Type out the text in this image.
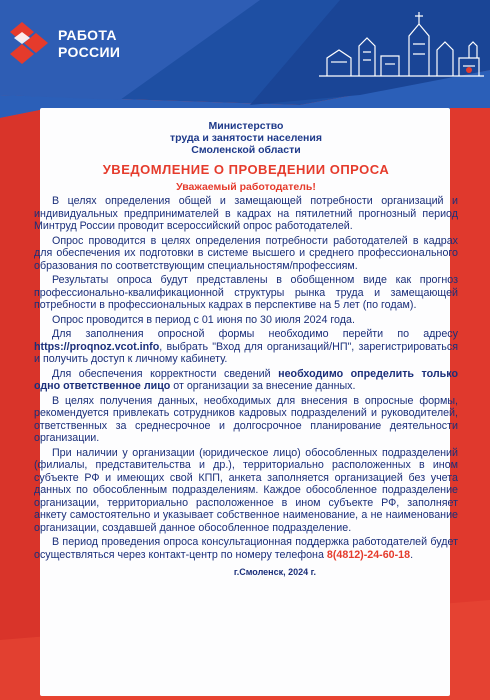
РАБОТА
РОССИИ

Министерство

труда и занятости населения

Смоленской области

УВЕДОМЛЕНИЕ О ПРОВЕДЕНИИ ОПРОСА
Уважаемый работодатель!

В целях определения общей и замещающей потребности организаций и индивидуальных предпринимателей в кадрах на пятилетний прогнозный период Минтруд России проводит всероссийский опрос работодателей.

Опрос проводится в целях определения потребности работодателей в кадрах для обеспечения их подготовки в системе высшего и среднего профессионального образования по соответствующим специальностям/профессиям.

Результаты опроса будут представлены в обобщенном виде как прогноз профессионально-квалификационной структуры рынка труда и замещающей потребности в профессиональных кадрах в перспективе на 5 лет (по годам).

Опрос проводится в период с 01 июня по 30 июля 2024 года.

Для заполнения опросной формы необходимо перейти по адресу https://proqnoz.vcot.info, выбрать "Вход для организаций/НП", зарегистрироваться и получить доступ к личному кабинету.

Для обеспечения корректности сведений необходимо определить только одно ответственное лицо от организации за внесение данных.

В целях получения данных, необходимых для внесения в опросные формы, рекомендуется привлекать сотрудников кадровых подразделений и руководителей, ответственных за среднесрочное и долгосрочное планирование деятельности организации.

При наличии у организации (юридическое лицо) обособленных подразделений (филиалы, представительства и др.), территориально расположенных в ином субъекте РФ и имеющих свой КПП, анкета заполняется организацией без учета данных по обособленным подразделениям. Каждое обособленное подразделение организации, территориально расположенное в ином субъекте РФ, заполняет анкету самостоятельно и указывает собственное наименование, а не наименование организации, создавшей данное обособленное подразделение.

В период проведения опроса консультационная поддержка работодателей будет осуществляться через контакт-центр по номеру телефона 8(4812)-24-60-18.

г.Смоленск, 2024 г.
